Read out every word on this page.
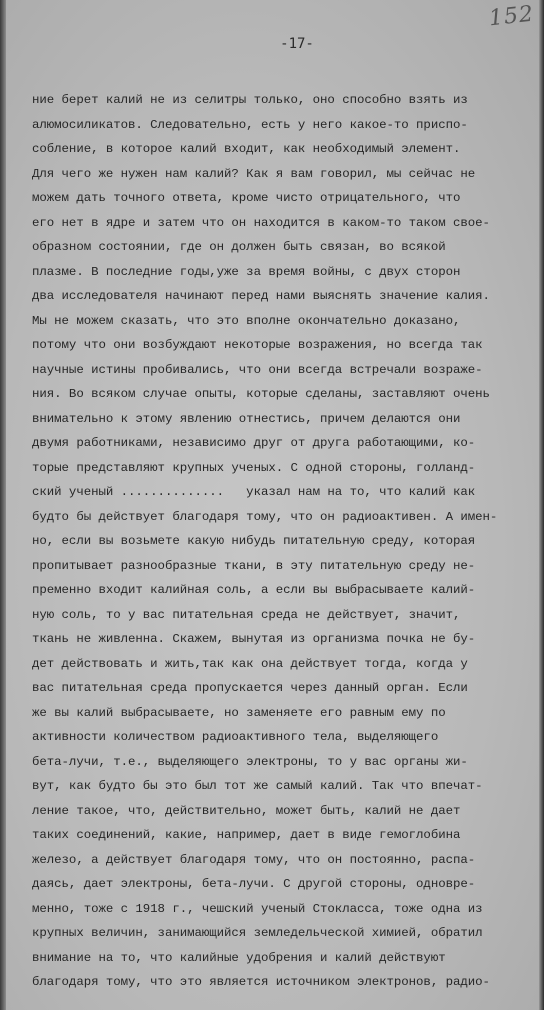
152
-17-
ние берет калий не из селитры только, оно способно взять из
алюмосиликатов. Следовательно, есть у него какое-то приспо-
собление, в которое калий входит, как необходимый элемент.
Для чего же нужен нам калий? Как я вам говорил, мы сейчас не
можем дать точного ответа, кроме чисто отрицательного, что
его нет в ядре и затем что он находится в каком-то таком свое-
образном состоянии, где он должен быть связан, во всякой
плазме. В последние годы,уже за время войны, с двух сторон
два исследователя начинают перед нами выяснять значение калия.
Мы не можем сказать, что это вполне окончательно доказано,
потому что они возбуждают некоторые возражения, но всегда так
научные истины пробивались, что они всегда встречали возраже-
ния. Во всяком случае опыты, которые сделаны, заставляют очень
внимательно к этому явлению отнестись, причем делаются они
двумя работниками, независимо друг от друга работающими, ко-
торые представляют крупных ученых. С одной стороны, голланд-
ский ученый ..............   указал нам на то, что калий как
будто бы действует благодаря тому, что он радиоактивен. А имен-
но, если вы возьмете какую нибудь питательную среду, которая
пропитывает разнообразные ткани, в эту питательную среду не-
пременно входит калийная соль, а если вы выбрасываете калий-
ную соль, то у вас питательная среда не действует, значит,
ткань не живленна. Скажем, вынутая из организма почка не бу-
дет действовать и жить,так как она действует тогда, когда у
вас питательная среда пропускается через данный орган. Если
же вы калий выбрасываете, но заменяете его равным ему по
активности количеством радиоактивного тела, выделяющего
бета-лучи, т.е., выделяющего электроны, то у вас органы жи-
вут, как будто бы это был тот же самый калий. Так что впечат-
ление такое, что, действительно, может быть, калий не дает
таких соединений, какие, например, дает в виде гемоглобина
железо, а действует благодаря тому, что он постоянно, распа-
даясь, дает электроны, бета-лучи. С другой стороны, одновре-
менно, тоже с 1918 г., чешский ученый Стокласса, тоже одна из
крупных величин, занимающийся земледельческой химией, обратил
внимание на то, что калийные удобрения и калий действуют
благодаря тому, что это является источником электронов, радио-
